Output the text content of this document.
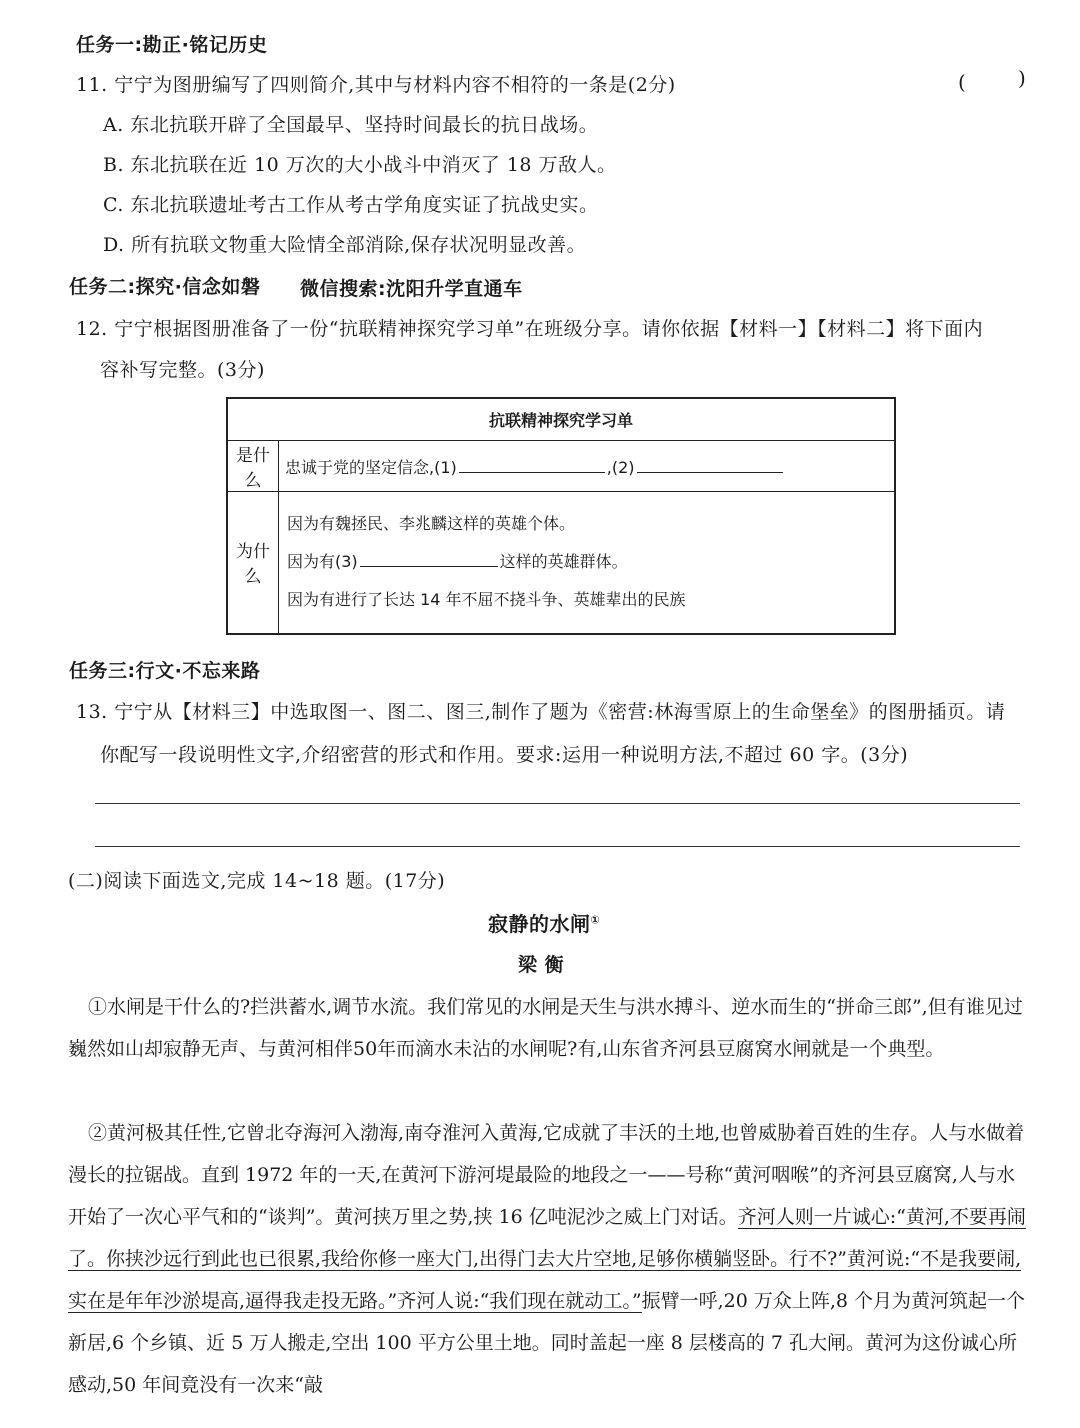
任务一:勘正·铭记历史
11. 宁宁为图册编写了四则简介,其中与材料内容不相符的一条是(2分)	(	)
A. 东北抗联开辟了全国最早、坚持时间最长的抗日战场。
B. 东北抗联在近 10 万次的大小战斗中消灭了 18 万敌人。
C. 东北抗联遗址考古工作从考古学角度实证了抗战史实。
D. 所有抗联文物重大险情全部消除,保存状况明显改善。
任务二:探究·信念如磐 微信搜索:沈阳升学直通车
12. 宁宁根据图册准备了一份“抗联精神探究学习单”在班级分享。请你依据【材料一】【材料二】将下面内
容补写完整。(3分)
抗联精神探究学习单	
是什么	忠诚于党的坚定信念,(1) ,(2)
为什么	因为有魏拯民、李兆麟这样的英雄个体。
因为有(3) 这样的英雄群体。
因为有进行了长达 14 年不屈不挠斗争、英雄辈出的民族
任务三:行文·不忘来路
13. 宁宁从【材料三】中选取图一、图二、图三,制作了题为《密营:林海雪原上的生命堡垒》的图册插页。请
你配写一段说明性文字,介绍密营的形式和作用。要求:运用一种说明方法,不超过 60 字。(3分)
(二)阅读下面选文,完成 14~18 题。(17分)
寂静的水闸①
梁 衡
①水闸是干什么的?拦洪蓄水,调节水流。我们常见的水闸是天生与洪水搏斗、逆水而生的“拼命三郎”,但有谁见过巍然如山却寂静无声、与黄河相伴50年而滴水未沾的水闸呢?有,山东省齐河县豆腐窝水闸就是一个典型。
②黄河极其任性,它曾北夺海河入渤海,南夺淮河入黄海,它成就了丰沃的土地,也曾威胁着百姓的生存。人与水做着漫长的拉锯战。直到 1972 年的一天,在黄河下游河堤最险的地段之一——号称“黄河咽喉”的齐河县豆腐窝,人与水开始了一次心平气和的“谈判”。黄河挟万里之势,挟 16 亿吨泥沙之威上门对话。齐河人则一片诚心:“黄河,不要再闹了。你挟沙远行到此也已很累,我给你修一座大门,出得门去大片空地,足够你横躺竖卧。行不?”黄河说:“不是我要闹,实在是年年沙淤堤高,逼得我走投无路。”齐河人说:“我们现在就动工。”振臂一呼,20 万众上阵,8 个月为黄河筑起一个新居,6 个乡镇、近 5 万人搬走,空出 100 平方公里土地。同时盖起一座 8 层楼高的 7 孔大闸。黄河为这份诚心所感动,50 年间竟没有一次来“敲
